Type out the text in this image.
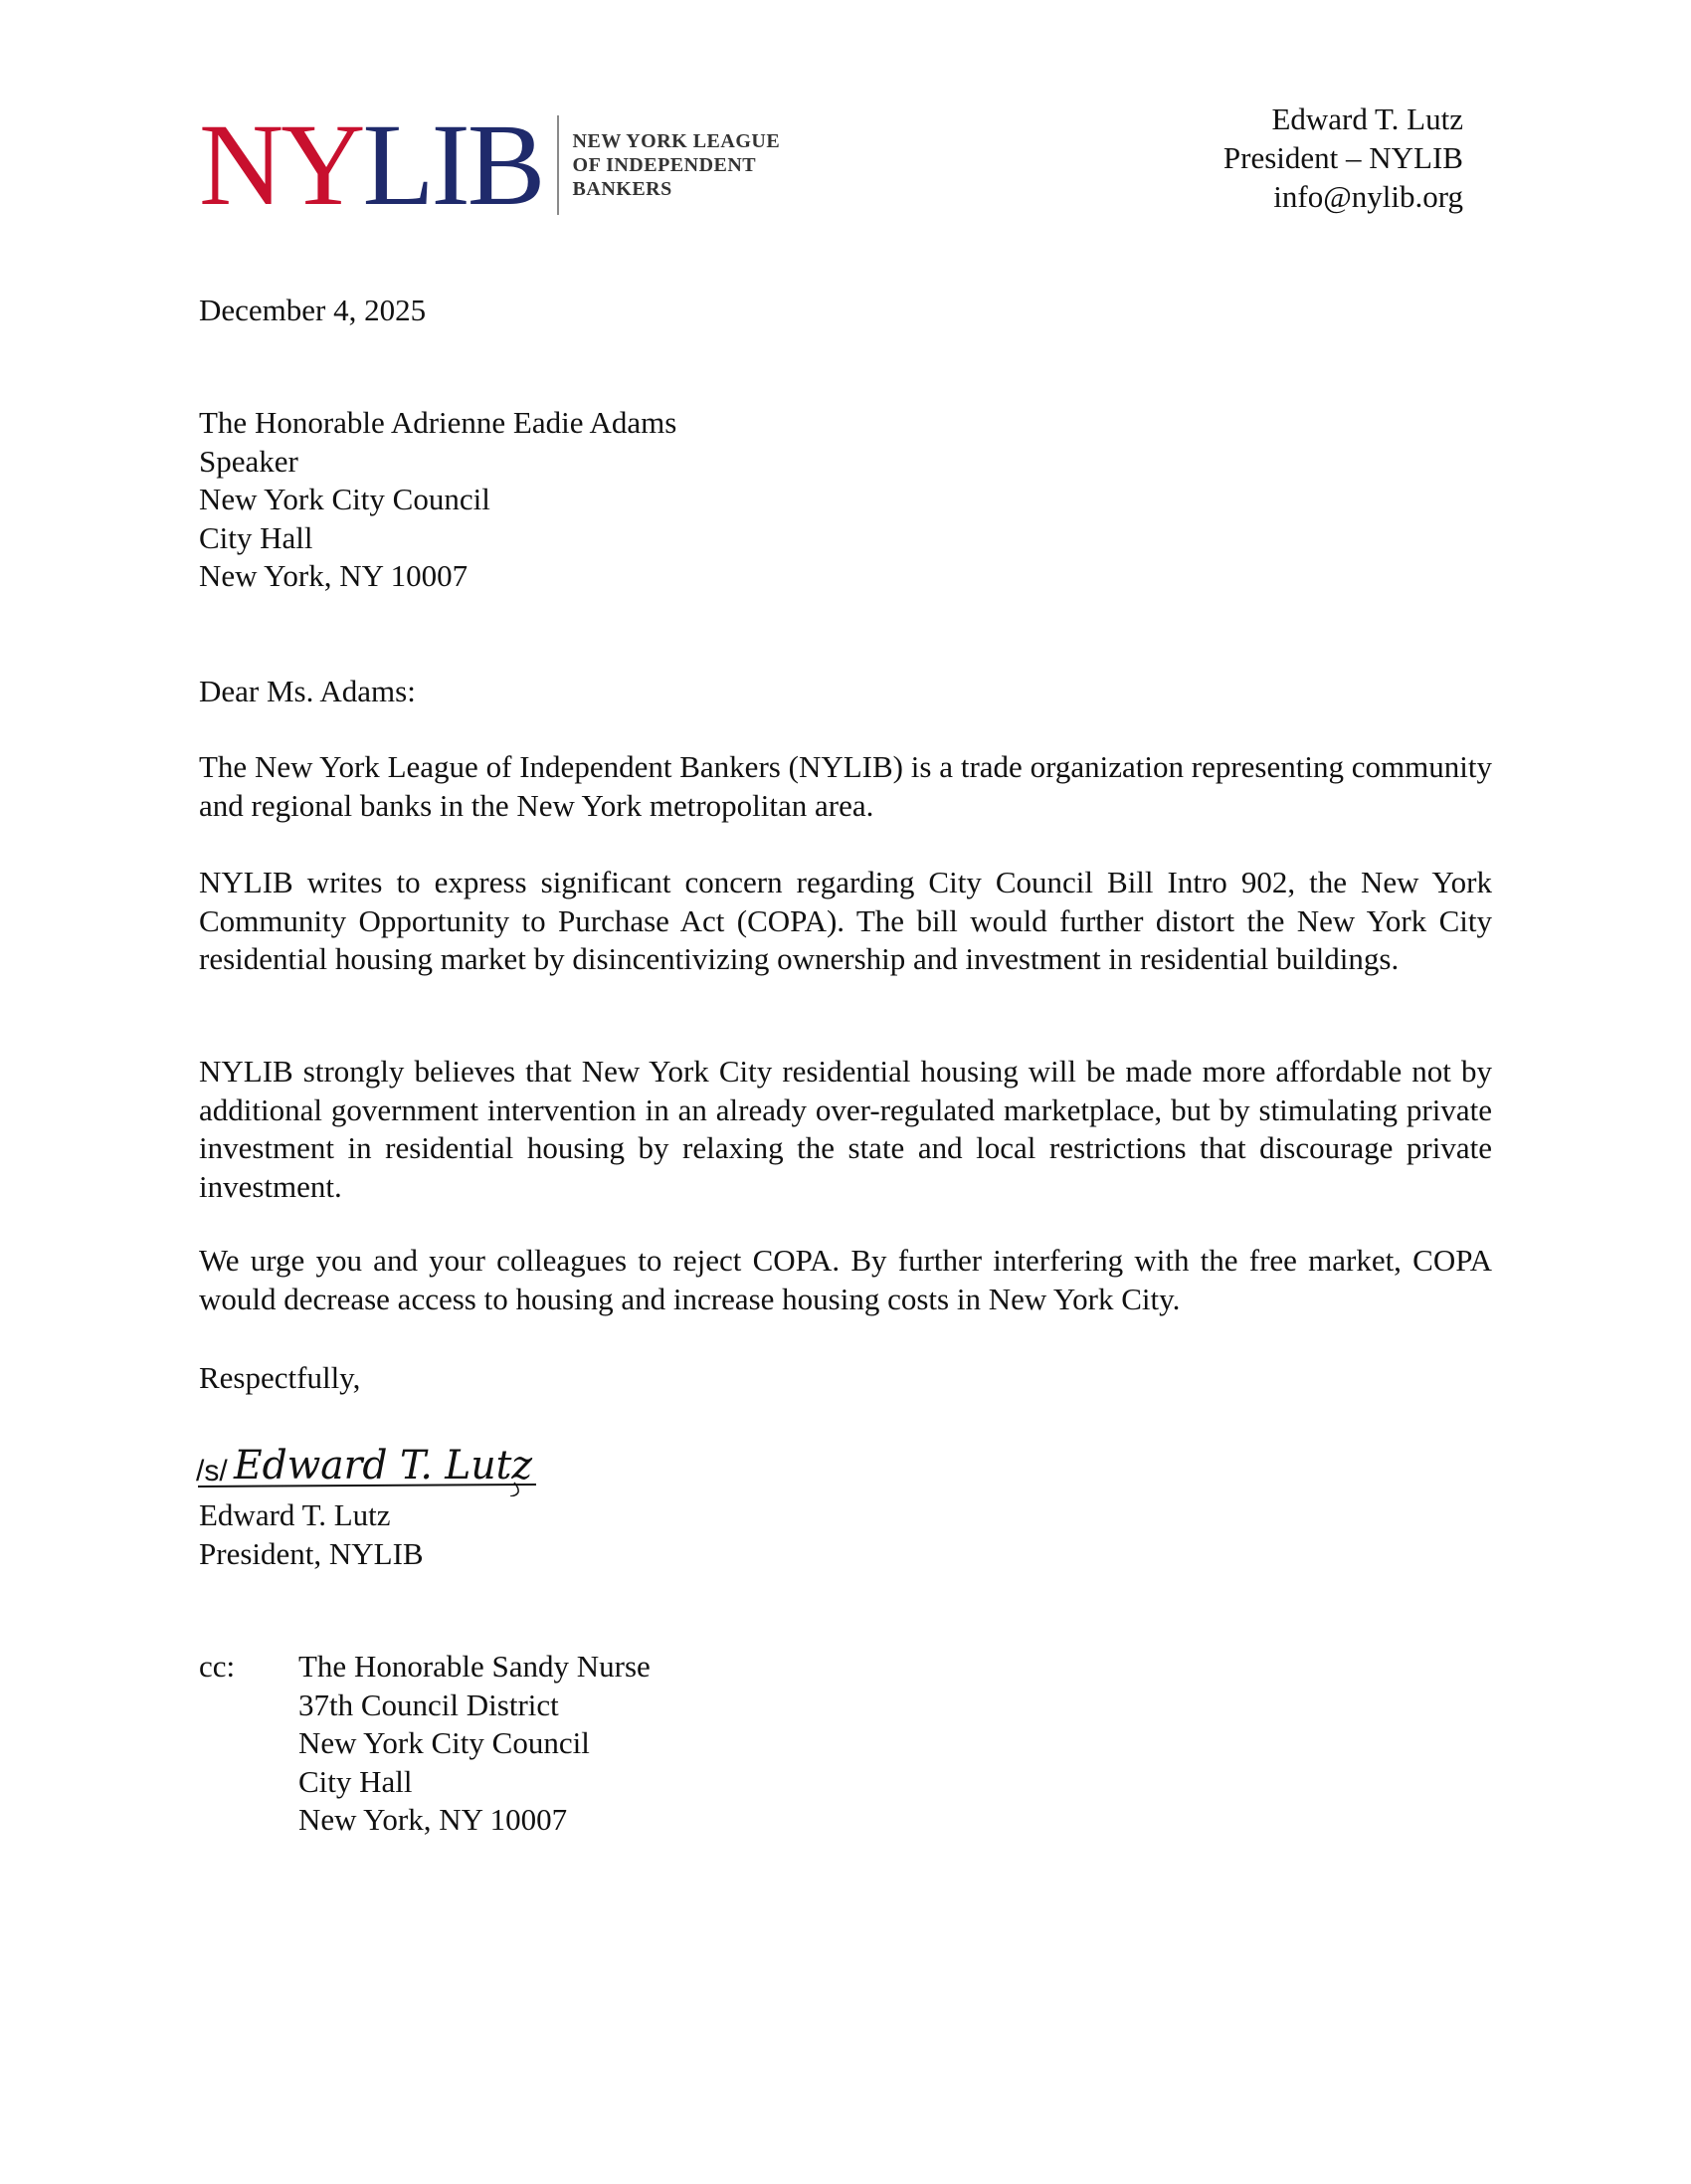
NY LIB NEW YORK LEAGUE
OF INDEPENDENT
BANKERS
Edward T. Lutz
President – NYLIB
info@nylib.org
December 4, 2025
The Honorable Adrienne Eadie Adams
Speaker
New York City Council
City Hall
New York, NY 10007
Dear Ms. Adams:
The New York League of Independent Bankers (NYLIB) is a trade organization representing community and regional banks in the New York metropolitan area.
NYLIB writes to express significant concern regarding City Council Bill Intro 902, the New York Community Opportunity to Purchase Act (COPA). The bill would further distort the New York City residential housing market by disincentivizing ownership and investment in residential buildings.
NYLIB strongly believes that New York City residential housing will be made more affordable not by additional government intervention in an already over-regulated marketplace, but by stimulating private investment in residential housing by relaxing the state and local restrictions that discourage private investment.
We urge you and your colleagues to reject COPA. By further interfering with the free market, COPA would decrease access to housing and increase housing costs in New York City.
Respectfully,
/s/ Edward T. Lutz
Edward T. Lutz
President, NYLIB
cc:	The Honorable Sandy Nurse
37th Council District
New York City Council
City Hall
New York, NY 10007
